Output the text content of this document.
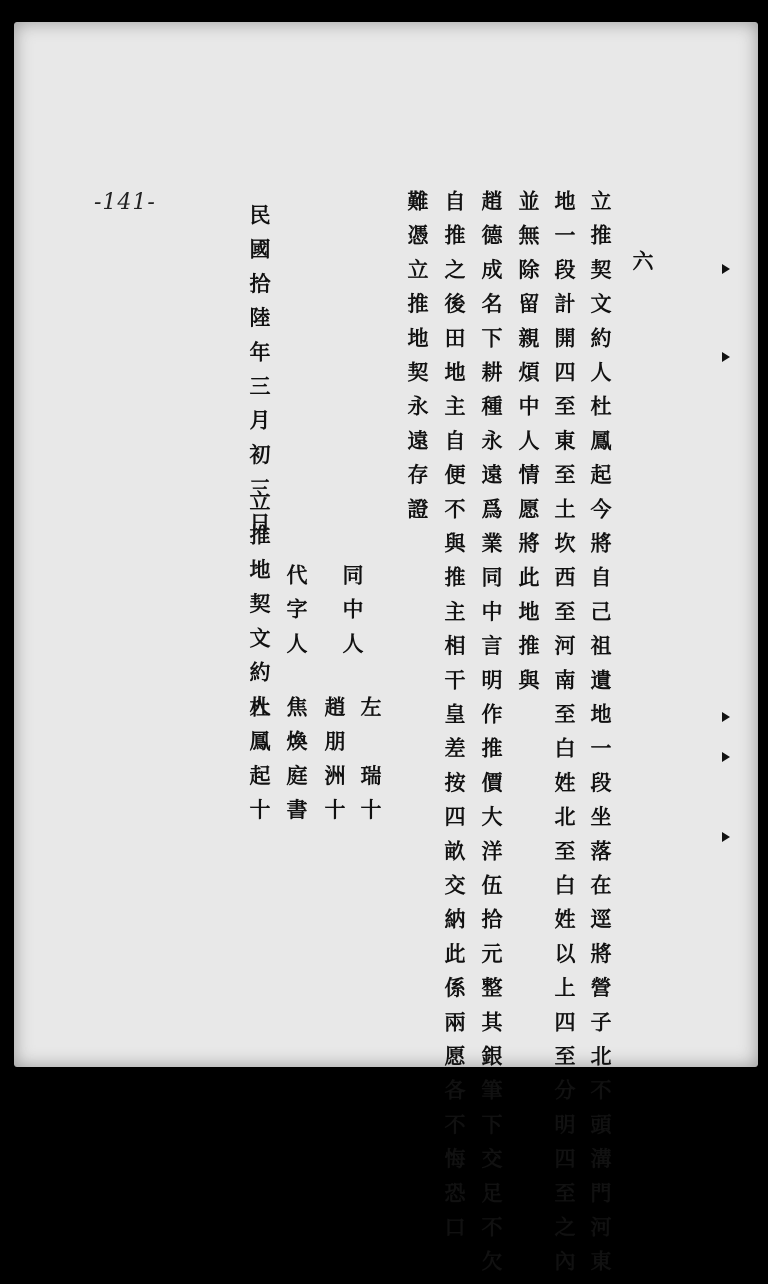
-141-
六
立推契文約人杜鳳起今將自己祖遺地一段坐落在逕將營子北不頭溝門河東
地一段計開四至東至土坎西至河南至白姓北至白姓以上四至分明四至之內
並無除留親煩中人情愿將此地推與
趙德成名下耕種永遠爲業同中言明作推價大洋伍拾元整其銀筆下交足不欠
自推之後田地主自便不與推主相干皇差按四畝交納此係兩愿各不悔恐口
難憑立推地契永遠存證
同中人
左　瑞十
趙朋洲十
代字人
焦煥庭書
立推地契文約人
杜鳳起十
民國拾陸年三月初三日
